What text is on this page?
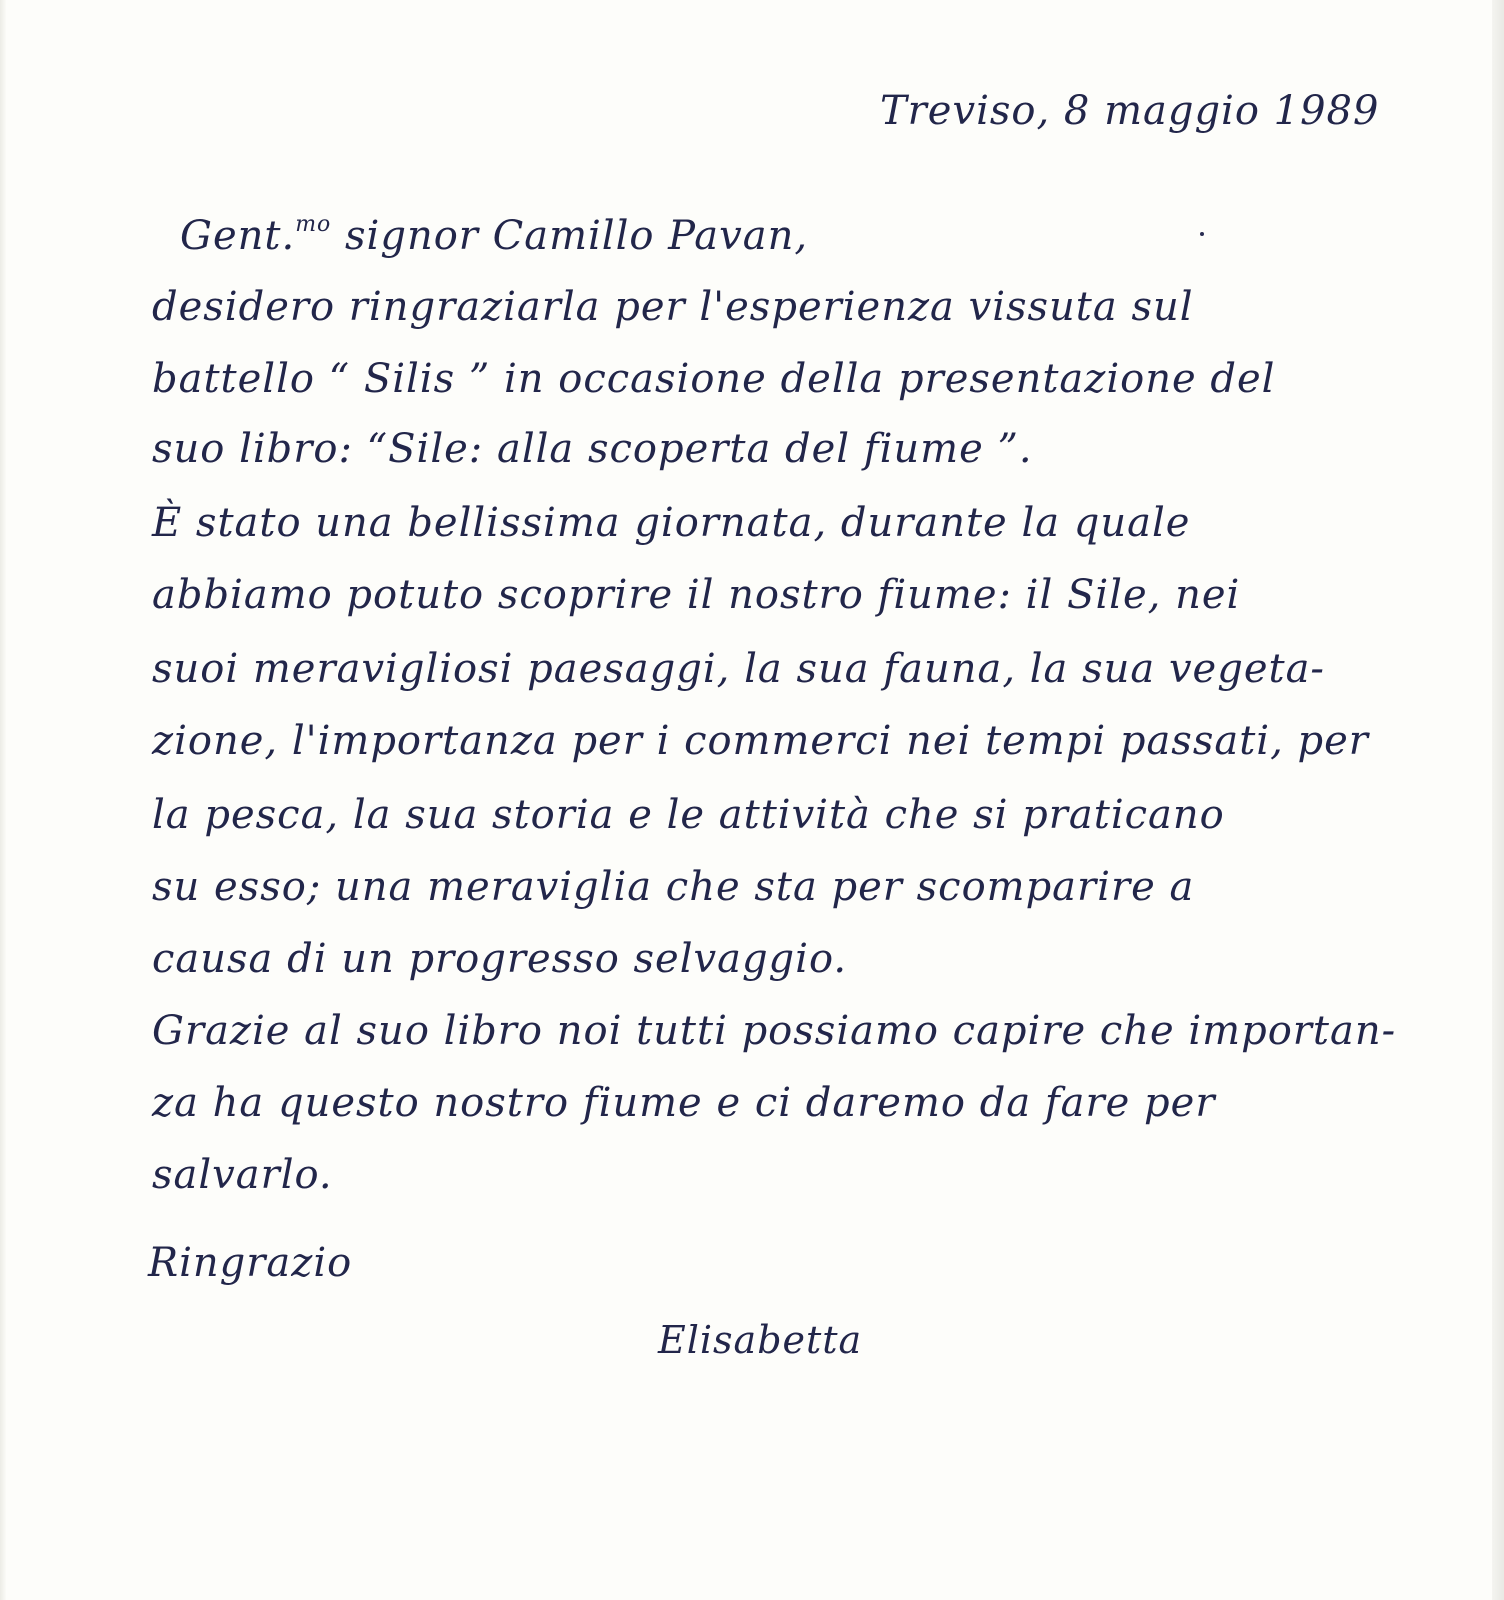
Treviso, 8 maggio 1989
Gent.$^{mo}$ signor Camillo Pavan,
desidero ringraziarla per l'esperienza vissuta sul
battello “ Silis ” in occasione della presentazione del
suo libro: “Sile: alla scoperta del fiume ”.
È stato una bellissima giornata, durante la quale
abbiamo potuto scoprire il nostro fiume: il Sile, nei
suoi meravigliosi paesaggi, la sua fauna, la sua vegeta-
zione, l'importanza per i commerci nei tempi passati, per
la pesca, la sua storia e le attività che si praticano
su esso; una meraviglia che sta per scomparire a
causa di un progresso selvaggio.
Grazie al suo libro noi tutti possiamo capire che importan-
za ha questo nostro fiume e ci daremo da fare per
salvarlo.
Ringrazio
Elisabetta
